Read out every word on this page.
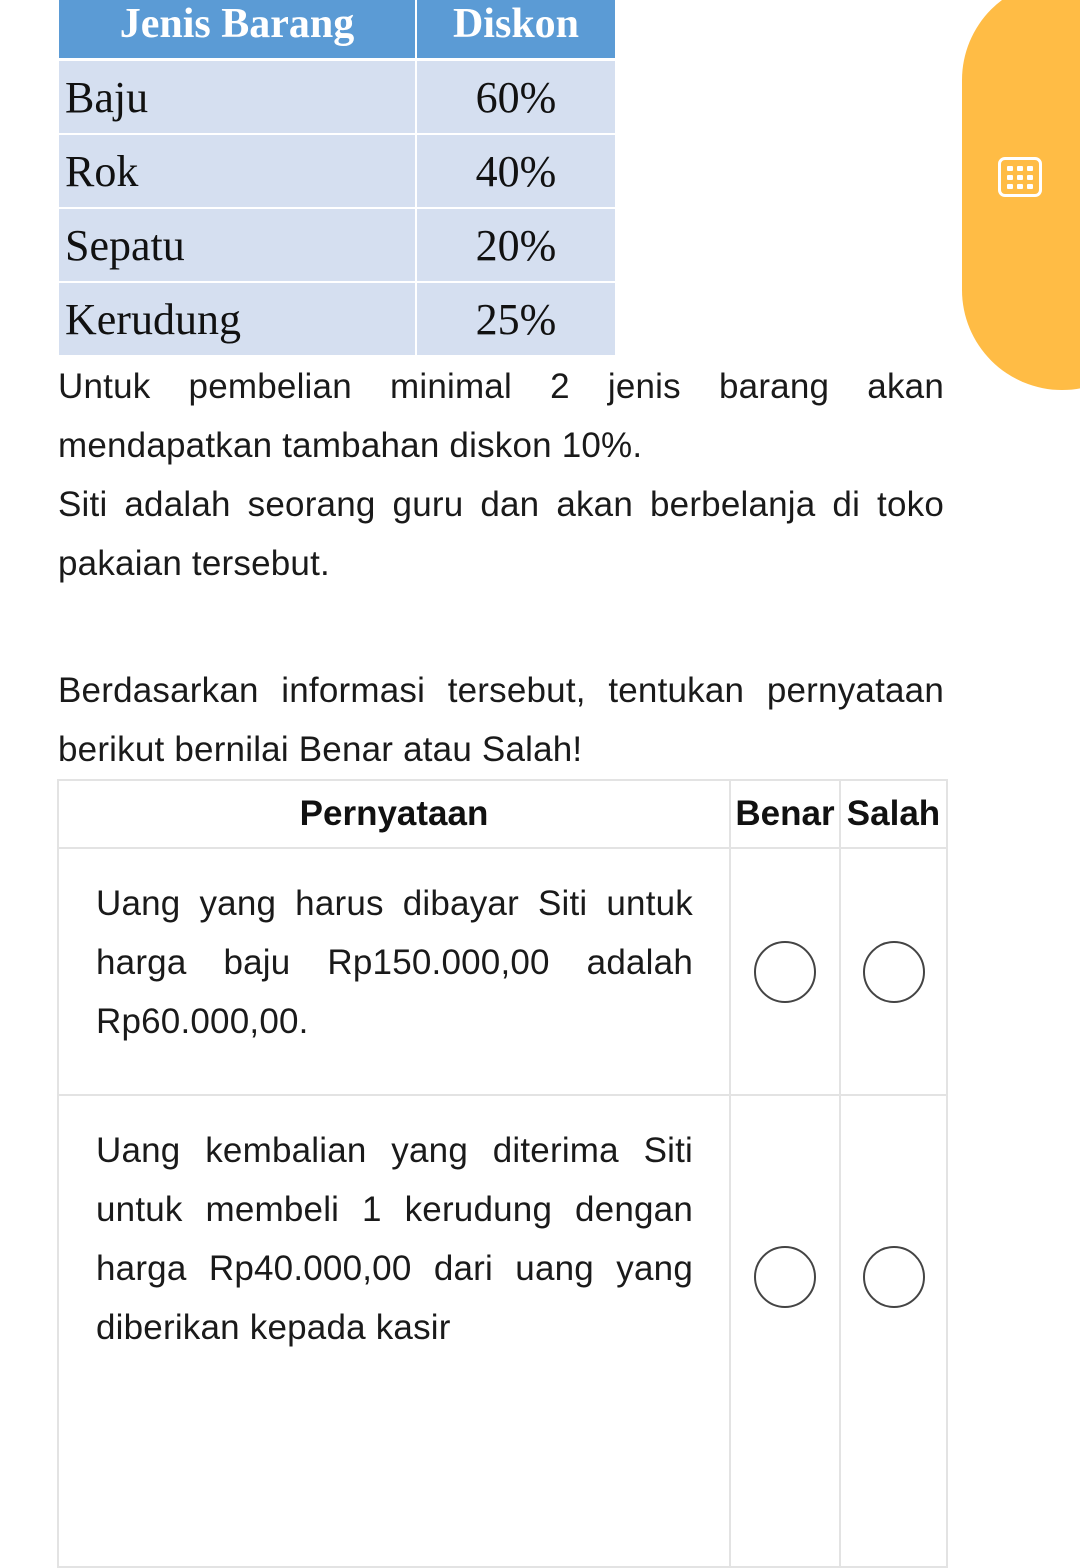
Jenis Barang	Diskon
Baju	60%
Rok	40%
Sepatu	20%
Kerudung	25%

Untuk pembelian minimal 2 jenis barang akan mendapatkan tambahan diskon 10%.

Siti adalah seorang guru dan akan berbelanja di toko pakaian tersebut.

Berdasarkan informasi tersebut, tentukan pernyataan berikut bernilai Benar atau Salah!

Pernyataan	Benar	Salah
Uang yang harus dibayar Siti untuk harga baju Rp150.000,00 adalah Rp60.000,00.		
Uang kembalian yang diterima Siti untuk membeli 1 kerudung dengan harga Rp40.000,00 dari uang yang diberikan kepada kasir		
